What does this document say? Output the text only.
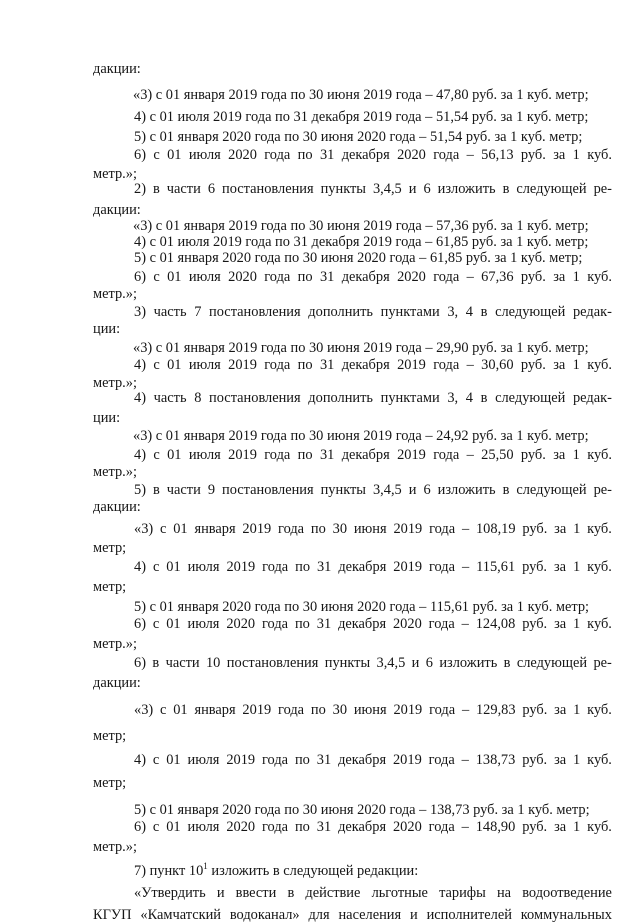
дакции:
«3) с 01 января 2019 года по 30 июня 2019 года – 47,80 руб. за 1 куб. метр;
4) с 01 июля 2019 года по 31 декабря 2019 года – 51,54 руб. за 1 куб. метр;
5) с 01 января 2020 года по 30 июня 2020 года – 51,54 руб. за 1 куб. метр;
6) с 01 июля 2020 года по 31 декабря 2020 года – 56,13 руб. за 1 куб.
метр.»;
2) в части 6 постановления пункты 3,4,5 и 6 изложить в следующей ре-
дакции:
«3) с 01 января 2019 года по 30 июня 2019 года – 57,36 руб. за 1 куб. метр;
4) с 01 июля 2019 года по 31 декабря 2019 года – 61,85 руб. за 1 куб. метр;
5) с 01 января 2020 года по 30 июня 2020 года – 61,85 руб. за 1 куб. метр;
6) с 01 июля 2020 года по 31 декабря 2020 года – 67,36 руб. за 1 куб.
метр.»;
3) часть 7 постановления дополнить пунктами 3, 4 в следующей редак-
ции:
«3) с 01 января 2019 года по 30 июня 2019 года – 29,90 руб. за 1 куб. метр;
4) с 01 июля 2019 года по 31 декабря 2019 года – 30,60 руб. за 1 куб.
метр.»;
4) часть 8 постановления дополнить пунктами 3, 4 в следующей редак-
ции:
«3) с 01 января 2019 года по 30 июня 2019 года – 24,92 руб. за 1 куб. метр;
4) с 01 июля 2019 года по 31 декабря 2019 года – 25,50 руб. за 1 куб.
метр.»;
5) в части 9 постановления пункты 3,4,5 и 6 изложить в следующей ре-
дакции:
«3) с 01 января 2019 года по 30 июня 2019 года – 108,19 руб. за 1 куб.
метр;
4) с 01 июля 2019 года по 31 декабря 2019 года – 115,61 руб. за 1 куб.
метр;
5) с 01 января 2020 года по 30 июня 2020 года – 115,61 руб. за 1 куб. метр;
6) с 01 июля 2020 года по 31 декабря 2020 года – 124,08 руб. за 1 куб.
метр.»;
6) в части 10 постановления пункты 3,4,5 и 6 изложить в следующей ре-
дакции:
«3) с 01 января 2019 года по 30 июня 2019 года – 129,83 руб. за 1 куб.
метр;
4) с 01 июля 2019 года по 31 декабря 2019 года – 138,73 руб. за 1 куб.
метр;
5) с 01 января 2020 года по 30 июня 2020 года – 138,73 руб. за 1 куб. метр;
6) с 01 июля 2020 года по 31 декабря 2020 года – 148,90 руб. за 1 куб.
метр.»;
7) пункт $10^1$ изложить в следующей редакции:
«Утвердить и ввести в действие льготные тарифы на водоотведение
КГУП «Камчатский водоканал» для населения и исполнителей коммунальных
